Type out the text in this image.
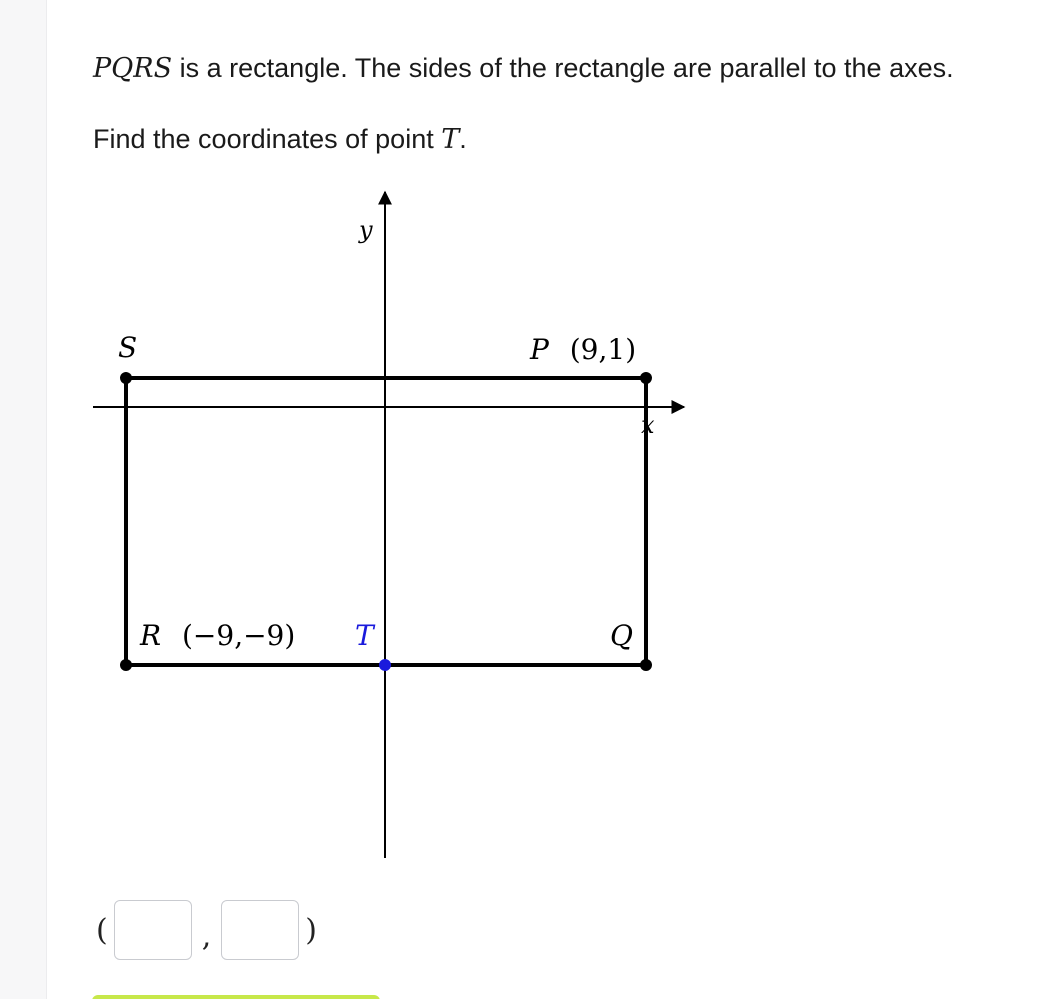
PQRS is a rectangle. The sides of the rectangle are parallel to the axes.

Find the coordinates of point T.

x
y
S	P (9,1)
R (−9,−9) T	Q
(	,	)
